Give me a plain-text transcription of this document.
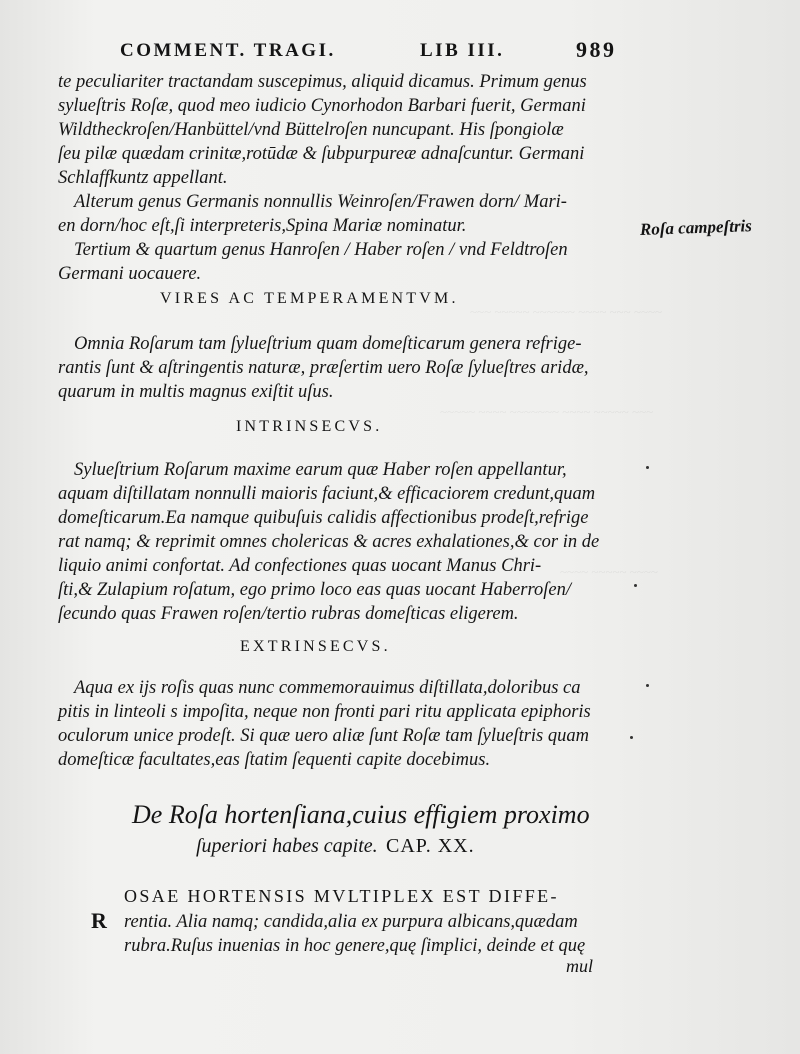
~~~ ~~~~~ ~~~~~~ ~~~~ ~~~ ~~~~
~~~~~ ~~~~ ~~~~~~~ ~~~~ ~~~~~ ~~~
~~~~ ~~~~~ ~~~~
COMMENT. TRAGI.	LIB III.	989
te peculiariter tractandam suscepimus, aliquid dicamus. Primum genus
sylueſtris Roſæ, quod meo iudicio Cynorhodon Barbari fuerit, Germani
Wildtheckroſen/Hanbüttel/vnd Büttelroſen nuncupant. His ſpongiolæ
ſeu pilæ quædam crinitæ,rotūdæ & ſubpurpureæ adnaſcuntur. Germani
Schlaffkuntz appellant.
Alterum genus Germanis nonnullis Weinroſen/Frawen dorn/ Mari-
en dorn/hoc eſt,ſi interpreteris,Spina Mariæ nominatur.
Tertium & quartum genus Hanroſen / Haber roſen / vnd Feldtroſen
Germani uocauere.
Roſa campeſtris
VIRES AC TEMPERAMENTVM.
Omnia Roſarum tam ſylueſtrium quam domeſticarum genera refrige-
rantis ſunt & aſtringentis naturæ, præſertim uero Roſæ ſylueſtres aridæ,
quarum in multis magnus exiſtit uſus.
INTRINSECVS.
Sylueſtrium Roſarum maxime earum quæ Haber roſen appellantur,
aquam diſtillatam nonnulli maioris faciunt,& efficaciorem credunt,quam
domeſticarum.Ea namque quibuſuis calidis affectionibus prodeſt,refrige
rat namq; & reprimit omnes cholericas & acres exhalationes,& cor in de
liquio animi confortat. Ad confectiones quas uocant Manus Chri-
ſti,& Zulapium roſatum, ego primo loco eas quas uocant Haberroſen/
ſecundo quas Frawen roſen/tertio rubras domeſticas eligerem.
EXTRINSECVS.
Aqua ex ijs roſis quas nunc commemorauimus diſtillata,doloribus ca
pitis in linteoli s impoſita, neque non fronti pari ritu applicata epiphoris
oculorum unice prodeſt. Si quæ uero aliæ ſunt Roſæ tam ſylueſtris quam
domeſticæ facultates,eas ſtatim ſequenti capite docebimus.
De Roſa hortenſiana,cuius effigiem proximo
ſuperiori habes capite. CAP. XX.
R
OSAE HORTENSIS MVLTIPLEX EST DIFFE-
rentia. Alia namq; candida,alia ex purpura albicans,quædam
rubra.Ruſus inuenias in hoc genere,quę ſimplici, deinde et quę
mul
